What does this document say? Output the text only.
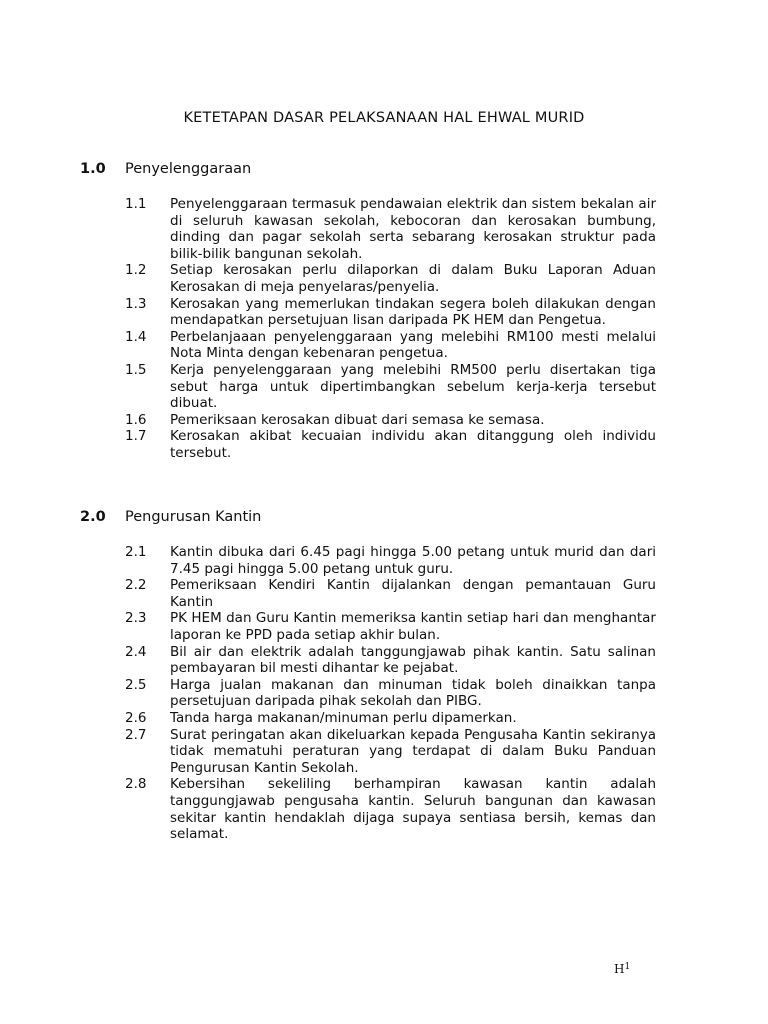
KETETAPAN DASAR PELAKSANAAN HAL EHWAL MURID
1.0	Penyelenggaraan
1.1	Penyelenggaraan termasuk pendawaian elektrik dan sistem bekalan air di seluruh kawasan sekolah, kebocoran dan kerosakan bumbung, dinding dan pagar sekolah serta sebarang kerosakan struktur pada bilik-bilik bangunan sekolah.
1.2	Setiap kerosakan perlu dilaporkan di dalam Buku Laporan Aduan Kerosakan di meja penyelaras/penyelia.
1.3	Kerosakan yang memerlukan tindakan segera boleh dilakukan dengan mendapatkan persetujuan lisan daripada PK HEM dan Pengetua.
1.4	Perbelanjaaan penyelenggaraan yang melebihi RM100 mesti melalui Nota Minta dengan kebenaran pengetua.
1.5	Kerja penyelenggaraan yang melebihi RM500 perlu disertakan tiga sebut harga untuk dipertimbangkan sebelum kerja-kerja tersebut dibuat.
1.6	Pemeriksaan kerosakan dibuat dari semasa ke semasa.
1.7	Kerosakan akibat kecuaian individu akan ditanggung oleh individu tersebut.
2.0	Pengurusan Kantin
2.1	Kantin dibuka dari 6.45 pagi hingga 5.00 petang untuk murid dan dari 7.45 pagi hingga 5.00 petang untuk guru.
2.2	Pemeriksaan Kendiri Kantin dijalankan dengan pemantauan Guru Kantin
2.3	PK HEM dan Guru Kantin memeriksa kantin setiap hari dan menghantar laporan ke PPD pada setiap akhir bulan.
2.4	Bil air dan elektrik adalah tanggungjawab pihak kantin. Satu salinan pembayaran bil mesti dihantar ke pejabat.
2.5	Harga jualan makanan dan minuman tidak boleh dinaikkan tanpa persetujuan daripada pihak sekolah dan PIBG.
2.6	Tanda harga makanan/minuman perlu dipamerkan.
2.7	Surat peringatan akan dikeluarkan kepada Pengusaha Kantin sekiranya tidak mematuhi peraturan yang terdapat di dalam Buku Panduan Pengurusan Kantin Sekolah.
2.8	Kebersihan sekeliling berhampiran kawasan kantin adalah tanggungjawab pengusaha kantin. Seluruh bangunan dan kawasan sekitar kantin hendaklah dijaga supaya sentiasa bersih, kemas dan selamat.
$H^1$
